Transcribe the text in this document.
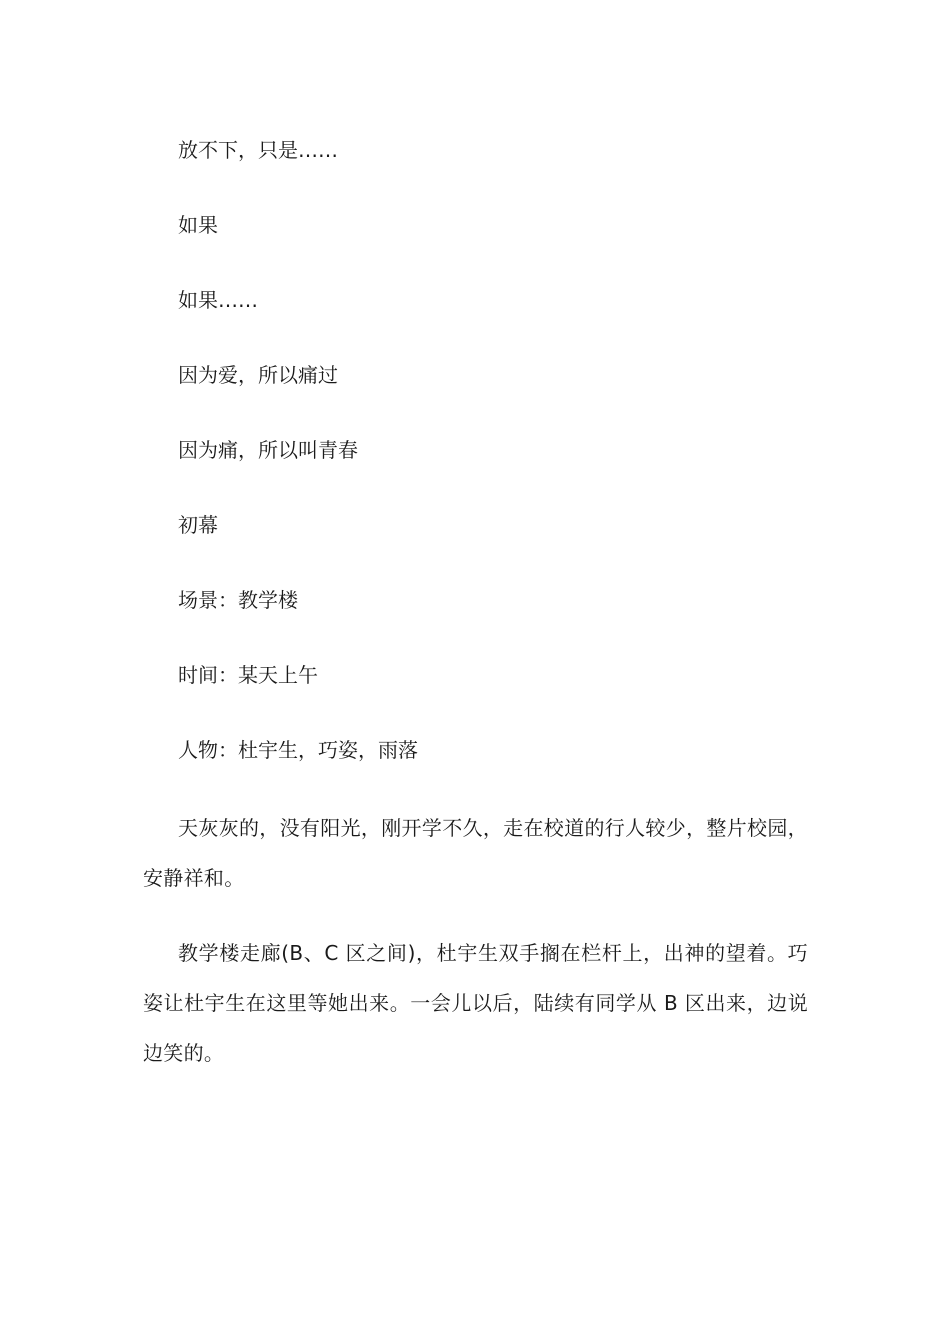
放不下，只是……
如果
如果……
因为爱，所以痛过
因为痛，所以叫青春
初幕
场景：教学楼
时间：某天上午
人物：杜宇生，巧姿，雨落

天灰灰的，没有阳光，刚开学不久，走在校道的行人较少，整片校园，安静祥和。

教学楼走廊(B、C 区之间)，杜宇生双手搁在栏杆上，出神的望着。巧姿让杜宇生在这里等她出来。一会儿以后，陆续有同学从 B 区出来，边说边笑的。
